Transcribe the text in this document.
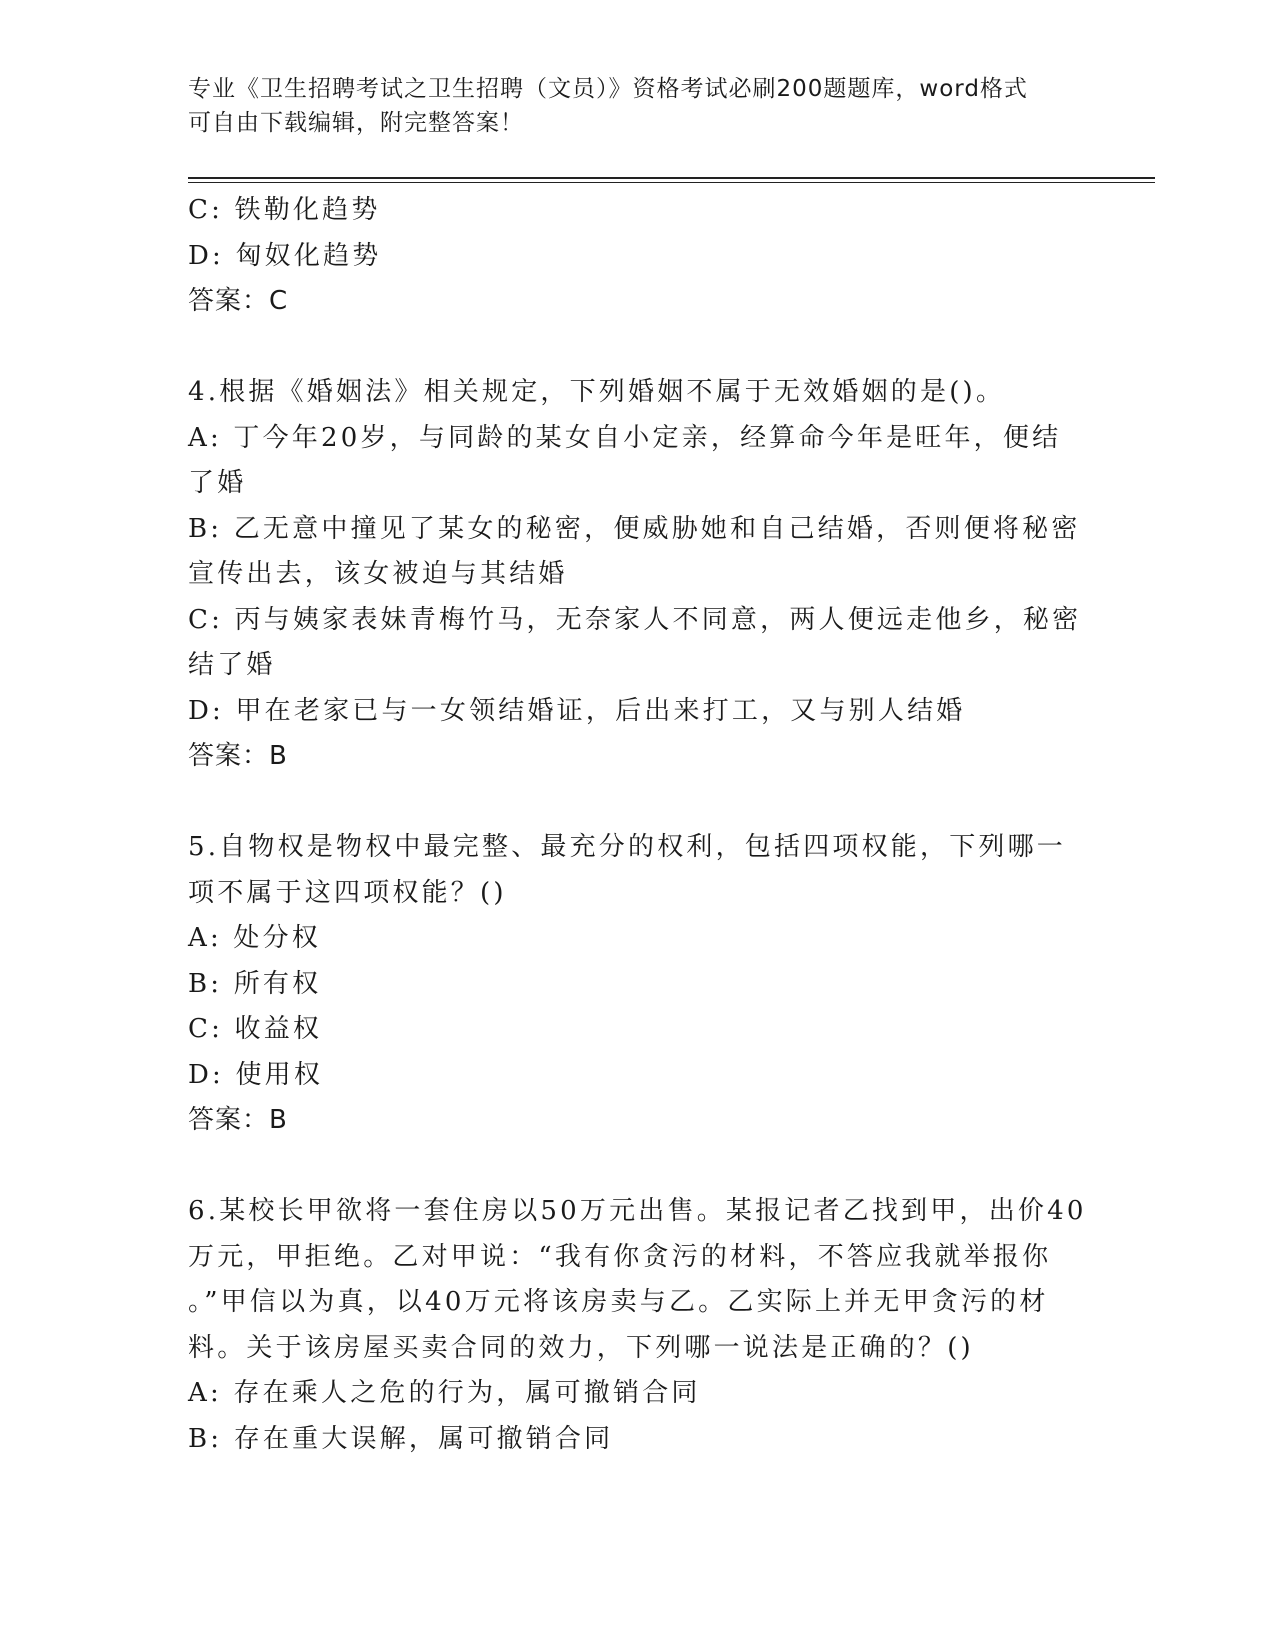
专业《卫生招聘考试之卫生招聘（文员）》资格考试必刷200题题库，word格式
可自由下载编辑，附完整答案！

C: 铁勒化趋势

D: 匈奴化趋势

答案：C

4.根据《婚姻法》相关规定，下列婚姻不属于无效婚姻的是()。

A: 丁今年20岁，与同龄的某女自小定亲，经算命今年是旺年，便结

了婚

B: 乙无意中撞见了某女的秘密，便威胁她和自己结婚，否则便将秘密

宣传出去，该女被迫与其结婚

C: 丙与姨家表妹青梅竹马，无奈家人不同意，两人便远走他乡，秘密

结了婚

D: 甲在老家已与一女领结婚证，后出来打工，又与别人结婚

答案：B

5.自物权是物权中最完整、最充分的权利，包括四项权能，下列哪一

项不属于这四项权能？()

A: 处分权

B: 所有权

C: 收益权

D: 使用权

答案：B

6.某校长甲欲将一套住房以50万元出售。某报记者乙找到甲，出价40

万元，甲拒绝。乙对甲说：“我有你贪污的材料，不答应我就举报你

。”甲信以为真，以40万元将该房卖与乙。乙实际上并无甲贪污的材

料。关于该房屋买卖合同的效力，下列哪一说法是正确的？()

A: 存在乘人之危的行为，属可撤销合同

B: 存在重大误解，属可撤销合同
